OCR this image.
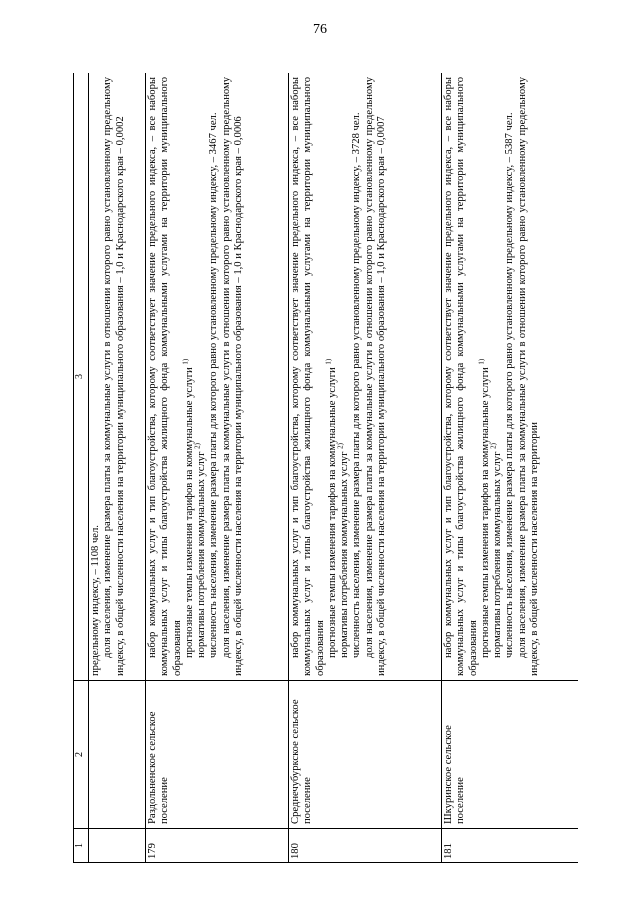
76
1	2	3

		предельному индексу, – 1108 чел. доля населения, изменение размера платы за коммунальные услуги в отношении которого равно установленному предельному индексу, в общей численности населения на территории муниципального образования – 1,0 и Краснодарского края – 0,0002

179	Раздольненское сельское поселение	набор коммунальных услуг и тип благоустройства, которому соответствует значение предельного индекса, – все наборы коммунальных услуг и типы благоустройства жилищного фонда коммунальными услугами на территории муниципального образования прогнозные темпы изменения тарифов на коммунальные услуги $^{1)}$

нормативы потребления коммунальных услуг $^{2)}$ численность населения, изменение размера платы для которого равно установленному предельному индексу, – 3467 чел. доля населения, изменение размера платы за коммунальные услуги в отношении которого равно установленному предельному индексу, в общей численности населения на территории муниципального образования – 1,0 и Краснодарского края – 0,0006

180	Среднечубуркское сельское поселение	набор коммунальных услуг и тип благоустройства, которому соответствует значение предельного индекса, – все наборы коммунальных услуг и типы благоустройства жилищного фонда коммунальными услугами на территории муниципального образования прогнозные темпы изменения тарифов на коммунальные услуги $^{1)}$

нормативы потребления коммунальных услуг $^{2)}$ численность населения, изменение размера платы для которого равно установленному предельному индексу, – 3728 чел. доля населения, изменение размера платы за коммунальные услуги в отношении которого равно установленному предельному индексу, в общей численности населения на территории муниципального образования – 1,0 и Краснодарского края – 0,0007

181	Шкуринское сельское поселение	набор коммунальных услуг и тип благоустройства, которому соответствует значение предельного индекса, – все наборы коммунальных услуг и типы благоустройства жилищного фонда коммунальными услугами на территории муниципального образования прогнозные темпы изменения тарифов на коммунальные услуги $^{1)}$

нормативы потребления коммунальных услуг $^{2)}$ численность населения, изменение размера платы для которого равно установленному предельному индексу, – 5387 чел. доля населения, изменение размера платы за коммунальные услуги в отношении которого равно установленному предельному индексу, в общей численности населения на территории
